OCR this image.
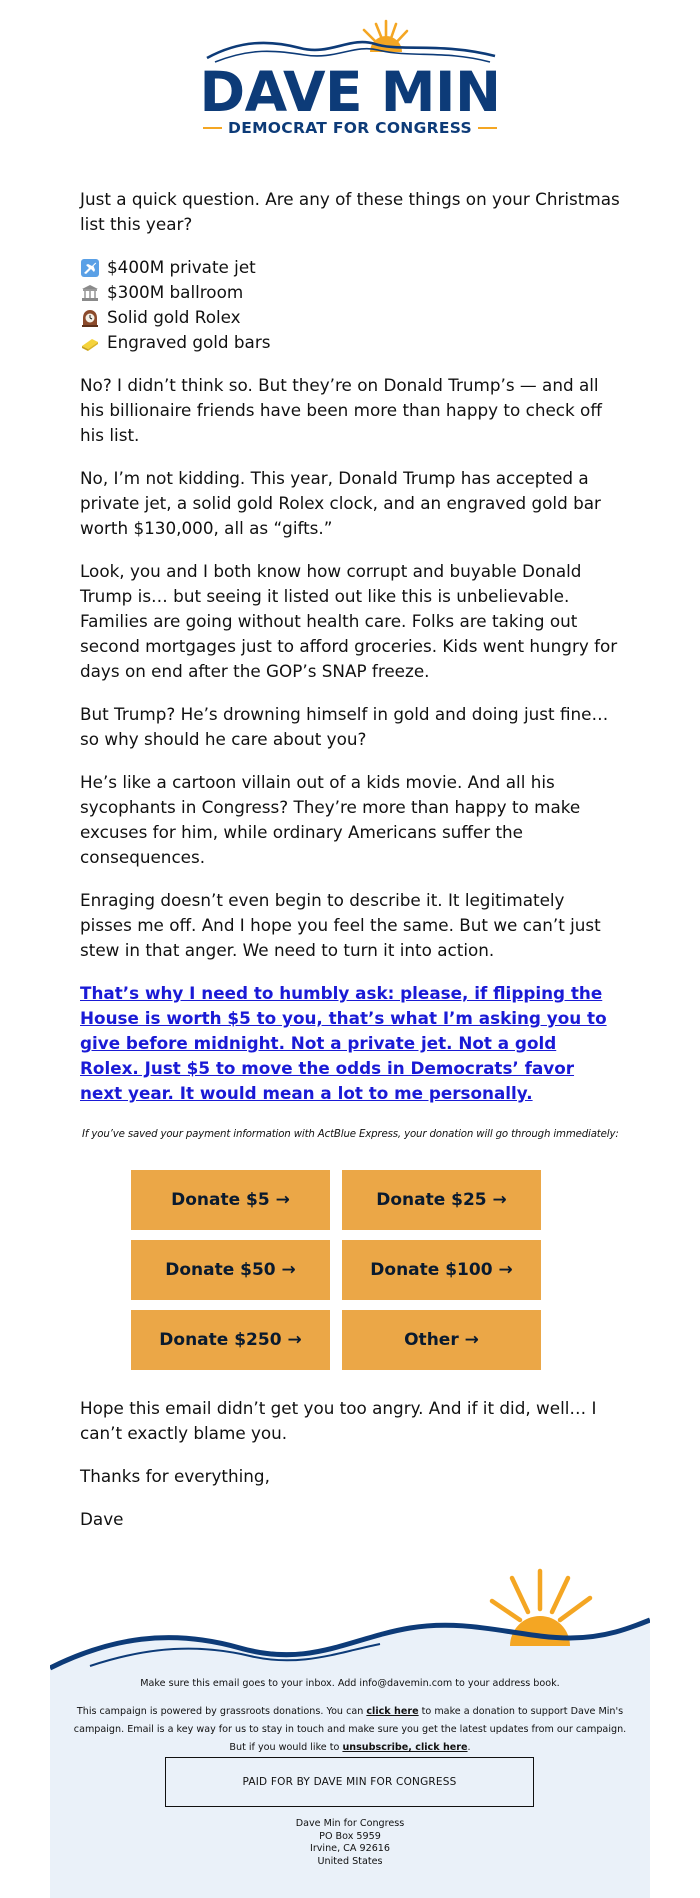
DAVE MIN
DEMOCRAT FOR CONGRESS

Just a quick question. Are any of these things on your Christmas list this year?

$400M private jet
$300M ballroom
Solid gold Rolex
Engraved gold bars

No? I didn’t think so. But they’re on Donald Trump’s — and all his billionaire friends have been more than happy to check off his list.

No, I’m not kidding. This year, Donald Trump has accepted a private jet, a solid gold Rolex clock, and an engraved gold bar worth $130,000, all as “gifts.”

Look, you and I both know how corrupt and buyable Donald Trump is… but seeing it listed out like this is unbelievable. Families are going without health care. Folks are taking out second mortgages just to afford groceries. Kids went hungry for days on end after the GOP’s SNAP freeze.

But Trump? He’s drowning himself in gold and doing just fine… so why should he care about you?

He’s like a cartoon villain out of a kids movie. And all his sycophants in Congress? They’re more than happy to make excuses for him, while ordinary Americans suffer the consequences.

Enraging doesn’t even begin to describe it. It legitimately pisses me off. And I hope you feel the same. But we can’t just stew in that anger. We need to turn it into action.

That’s why I need to humbly ask: please, if flipping the House is worth $5 to you, that’s what I’m asking you to give before midnight. Not a private jet. Not a gold Rolex. Just $5 to move the odds in Democrats’ favor next year. It would mean a lot to me personally.

If you’ve saved your payment information with ActBlue Express, your donation will go through immediately:

Donate $5 →	Donate $25 →
Donate $50 →	Donate $100 →
Donate $250 →	Other →

Hope this email didn’t get you too angry. And if it did, well… I can’t exactly blame you.

Thanks for everything,

Dave

Make sure this email goes to your inbox. Add info@davemin.com to your address book.

This campaign is powered by grassroots donations. You can click here to make a donation to support Dave Min's campaign. Email is a key way for us to stay in touch and make sure you get the latest updates from our campaign. But if you would like to unsubscribe, click here.

PAID FOR BY DAVE MIN FOR CONGRESS
Dave Min for Congress
PO Box 5959
Irvine, CA 92616
United States
